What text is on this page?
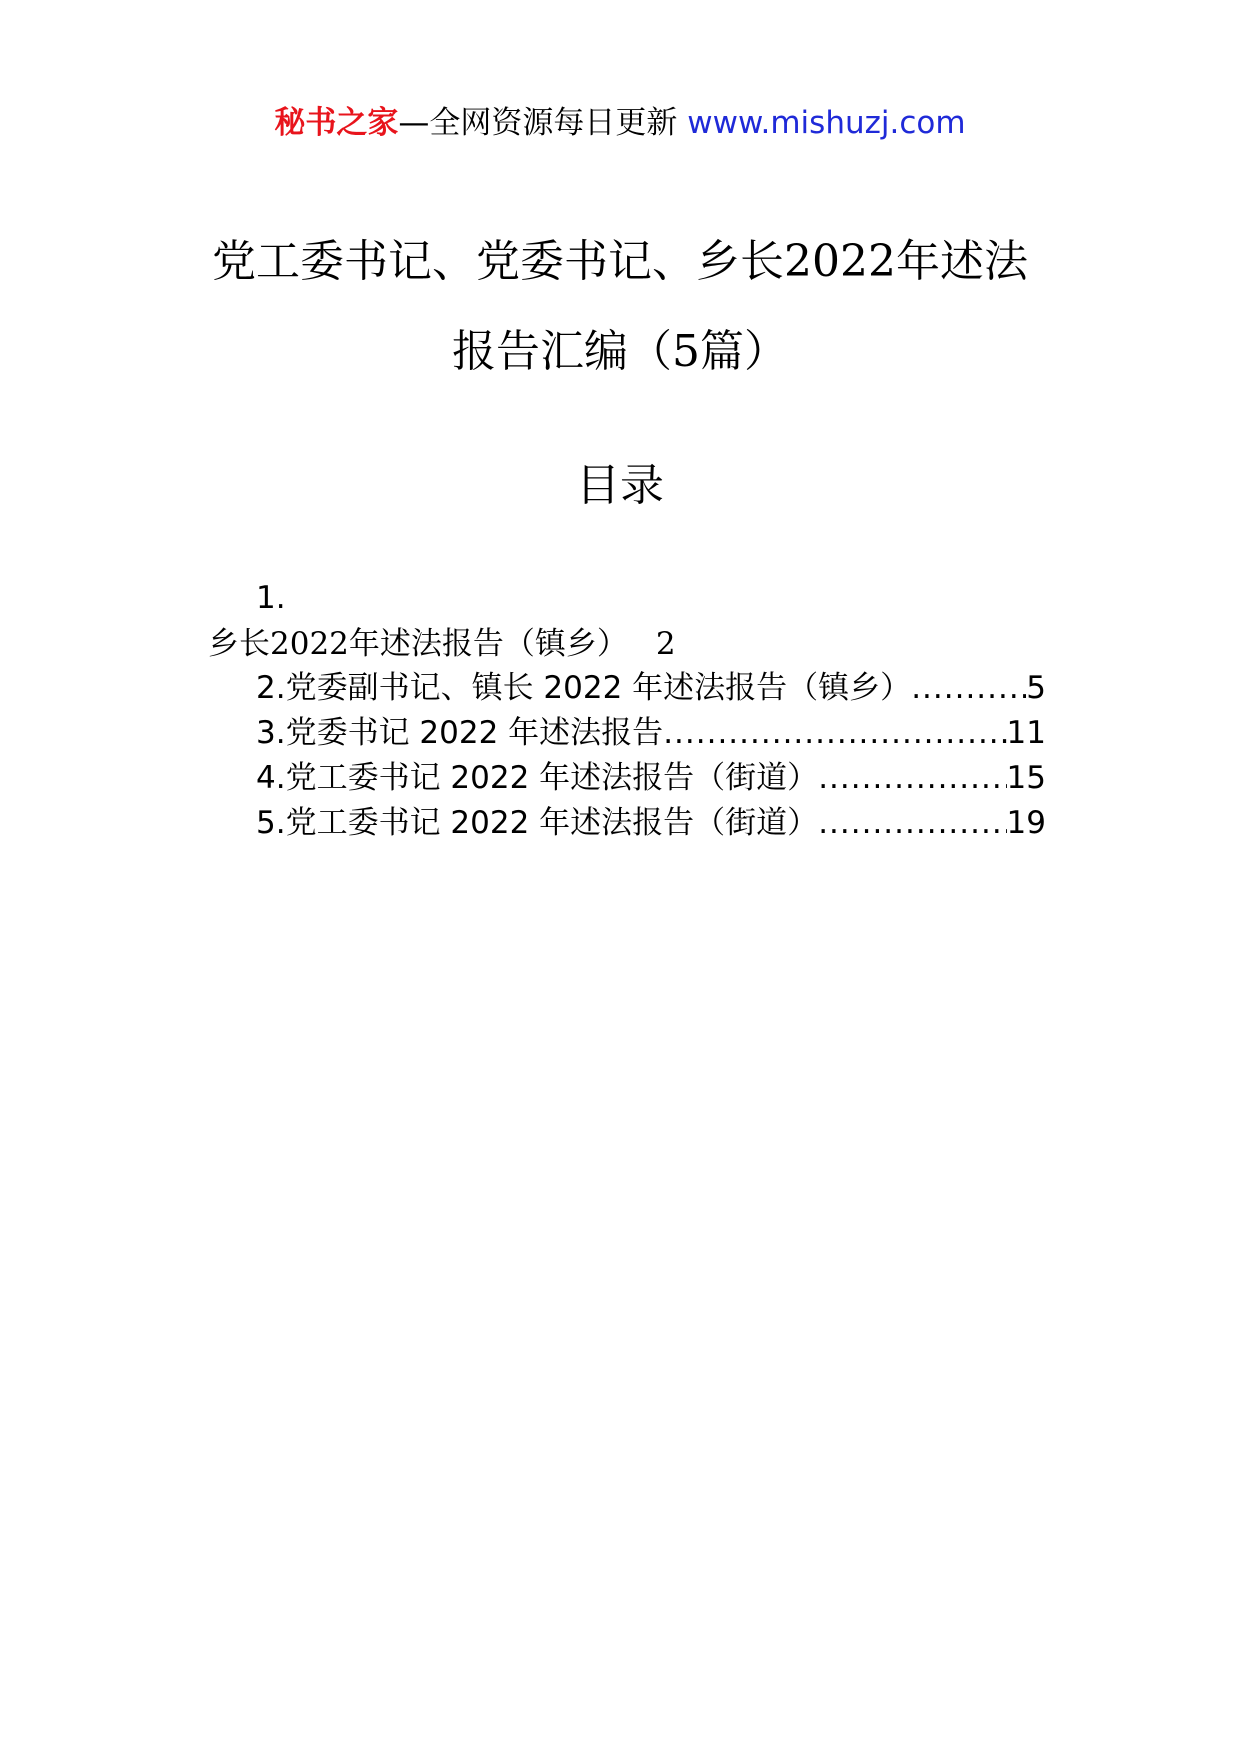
秘书之家—全网资源每日更新 www.mishuzj.com
党工委书记、党委书记、乡长2022年述法
报告汇编（5篇）
目录
1.
乡长2022年述法报告（镇乡） 2
2.党委副书记、镇长 2022 年述法报告（镇乡） .....	5
3.党委书记 2022 年述法报告 .....	11
4.党工委书记 2022 年述法报告（街道） .....	15
5.党工委书记 2022 年述法报告（街道） .....	19
